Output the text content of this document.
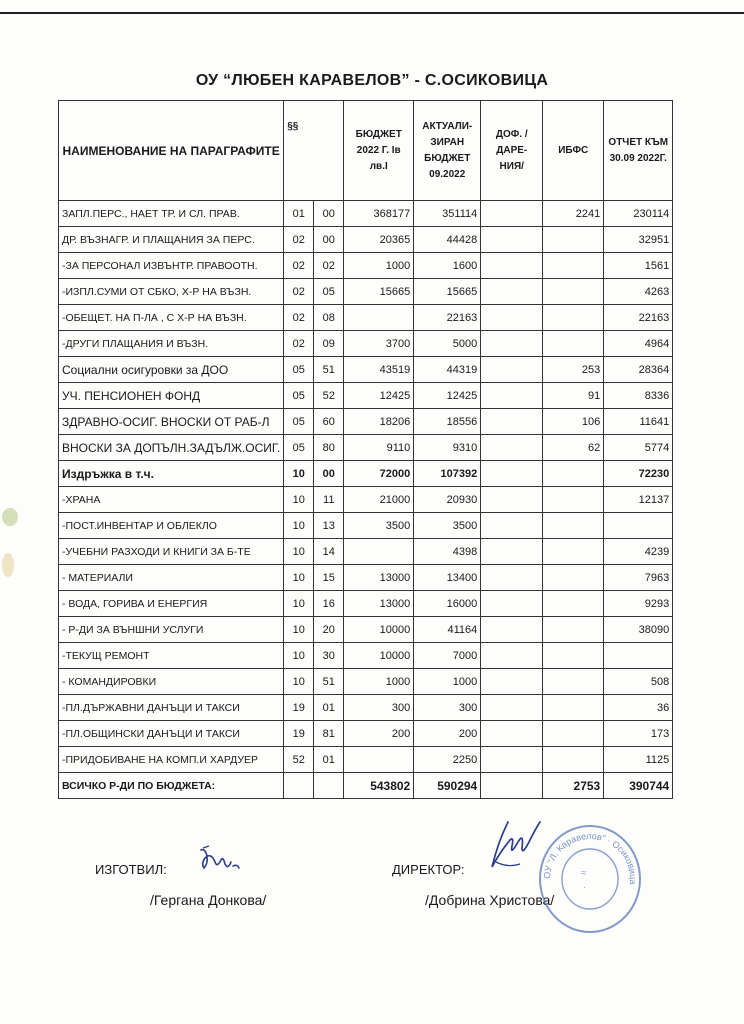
ОУ “ЛЮБЕН КАРАВЕЛОВ” - С.ОСИКОВИЦА
НАИМЕНОВАНИЕ НА ПАРАГРАФИТЕ	§§		БЮДЖЕТ 2022 Г. Iв лв.I	АКТУАЛИ-ЗИРАН БЮДЖЕТ 09.2022	ДОФ. /ДАРЕ-НИЯ/	ИБФС	ОТЧЕТ КЪМ 30.09 2022Г.

ЗАПЛ.ПЕРС., НАЕТ ТР. И СЛ. ПРАВ.	01	00	368177	351114		2241	230114
ДР. ВЪЗНАГР. И ПЛАЩАНИЯ ЗА ПЕРС.	02	00	20365	44428			32951
-ЗА ПЕРСОНАЛ ИЗВЪНТР. ПРАВООТН.	02	02	1000	1600			1561
-ИЗПЛ.СУМИ ОТ СБКО, Х-Р НА ВЪЗН.	02	05	15665	15665			4263
-ОБЕЩЕТ. НА П-ЛА , С Х-Р НА ВЪЗН.	02	08		22163			22163
-ДРУГИ ПЛАЩАНИЯ И ВЪЗН.	02	09	3700	5000			4964
Социални осигуровки за ДОО	05	51	43519	44319		253	28364
УЧ. ПЕНСИОНЕН ФОНД	05	52	12425	12425		91	8336
ЗДРАВНО-ОСИГ. ВНОСКИ ОТ РАБ-Л	05	60	18206	18556		106	11641
ВНОСКИ ЗА ДОПЪЛН.ЗАДЪЛЖ.ОСИГ.	05	80	9110	9310		62	5774
Издръжка в т.ч.	10	00	72000	107392			72230
-ХРАНА	10	11	21000	20930			12137
-ПОСТ.ИНВЕНТАР И ОБЛЕКЛО	10	13	3500	3500			
-УЧЕБНИ РАЗХОДИ И КНИГИ ЗА Б-ТЕ	10	14		4398			4239
- МАТЕРИАЛИ	10	15	13000	13400			7963
- ВОДА, ГОРИВА И ЕНЕРГИЯ	10	16	13000	16000			9293
- Р-ДИ ЗА ВЪНШНИ УСЛУГИ	10	20	10000	41164			38090
-ТЕКУЩ РЕМОНТ	10	30	10000	7000			
- КОМАНДИРОВКИ	10	51	1000	1000			508
-ПЛ.ДЪРЖАВНИ ДАНЪЦИ И ТАКСИ	19	01	300	300			36
-ПЛ.ОБЩИНСКИ ДАНЪЦИ И ТАКСИ	19	81	200	200			173
-ПРИДОБИВАНЕ НА КОМП.И ХАРДУЕР	52	01		2250			1125
ВСИЧКО Р-ДИ ПО БЮДЖЕТА:			543802	590294		2753	390744
ИЗГОТВИЛ:
/Гергана Донкова/
ДИРЕКТОР:
/Добрина Христова/
ОУ "Л. Каравелов" · Осиковица
≈
·
